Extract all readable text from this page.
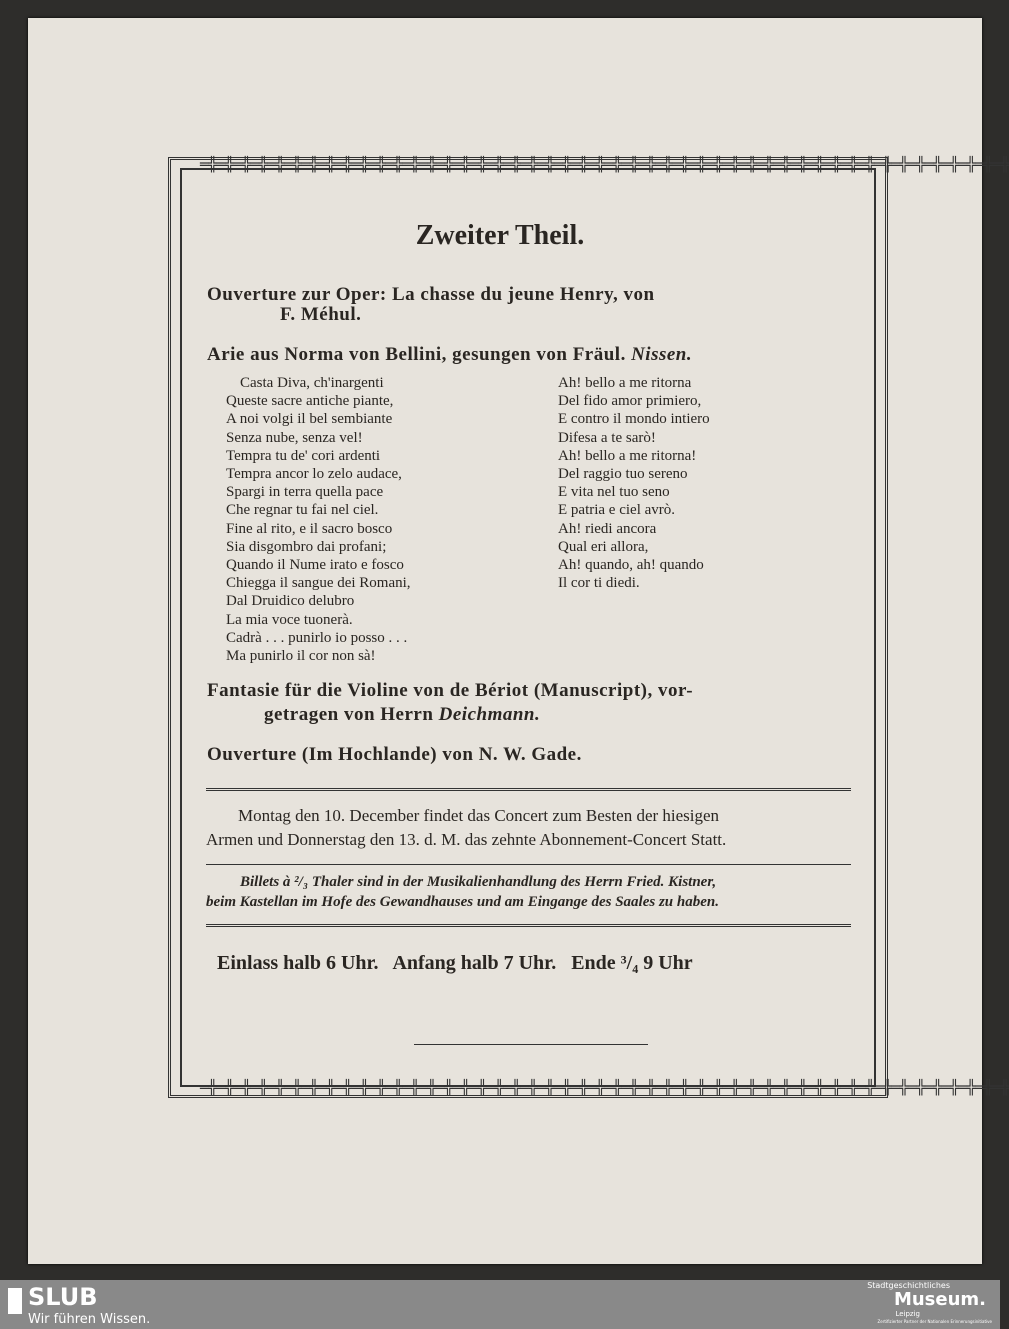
═╬═╬═╬═╬═╬═╬═╬═╬═╬═╬═╬═╬═╬═╬═╬═╬═╬═╬═╬═╬═╬═╬═╬═╬═╬═╬═╬═╬═╬═╬═╬═╬═╬═╬═╬═╬═╬═╬═╬═╬═╬═╬═╬═╬═╬═╬═╬═╬
═╬═╬═╬═╬═╬═╬═╬═╬═╬═╬═╬═╬═╬═╬═╬═╬═╬═╬═╬═╬═╬═╬═╬═╬═╬═╬═╬═╬═╬═╬═╬═╬═╬═╬═╬═╬═╬═╬═╬═╬═╬═╬═╬═╬═╬═╬═╬═╬
Zweiter Theil.
Ouverture zur Oper: La chasse du jeune Henry, von
F. Méhul.
Arie aus Norma von Bellini, gesungen von Fräul. Nissen.
Casta Diva, ch'inargenti
Queste sacre antiche piante,
A noi volgi il bel sembiante
Senza nube, senza vel!
Tempra tu de' cori ardenti
Tempra ancor lo zelo audace,
Spargi in terra quella pace
Che regnar tu fai nel ciel.
Fine al rito, e il sacro bosco
Sia disgombro dai profani;
Quando il Nume irato e fosco
Chiegga il sangue dei Romani,
Dal Druidico delubro
La mia voce tuonerà.
Cadrà . . . punirlo io posso . . .
Ma punirlo il cor non sà!
Ah! bello a me ritorna
Del fido amor primiero,
E contro il mondo intiero
Difesa a te sarò!
Ah! bello a me ritorna!
Del raggio tuo sereno
E vita nel tuo seno
E patria e ciel avrò.
Ah! riedi ancora
Qual eri allora,
Ah! quando, ah! quando
Il cor ti diedi.
Fantasie für die Violine von de Bériot (Manuscript), vor-
getragen von Herrn Deichmann.
Ouverture (Im Hochlande) von N. W. Gade.
Montag den 10. December findet das Concert zum Besten der hiesigen
Armen und Donnerstag den 13. d. M. das zehnte Abonnement-Concert Statt.
Billets à ²/₃ Thaler sind in der Musikalienhandlung des Herrn Fried. Kistner,
beim Kastellan im Hofe des Gewandhauses und am Eingange des Saales zu haben.
Einlass halb 6 Uhr.   Anfang halb 7 Uhr.   Ende ³/₄ 9 Uhr
SLUB
Wir führen Wissen.
Stadtgeschichtliches
Museum.
Leipzig
Zertifizierter Partner der Nationalen Erinnerungsinitiative
